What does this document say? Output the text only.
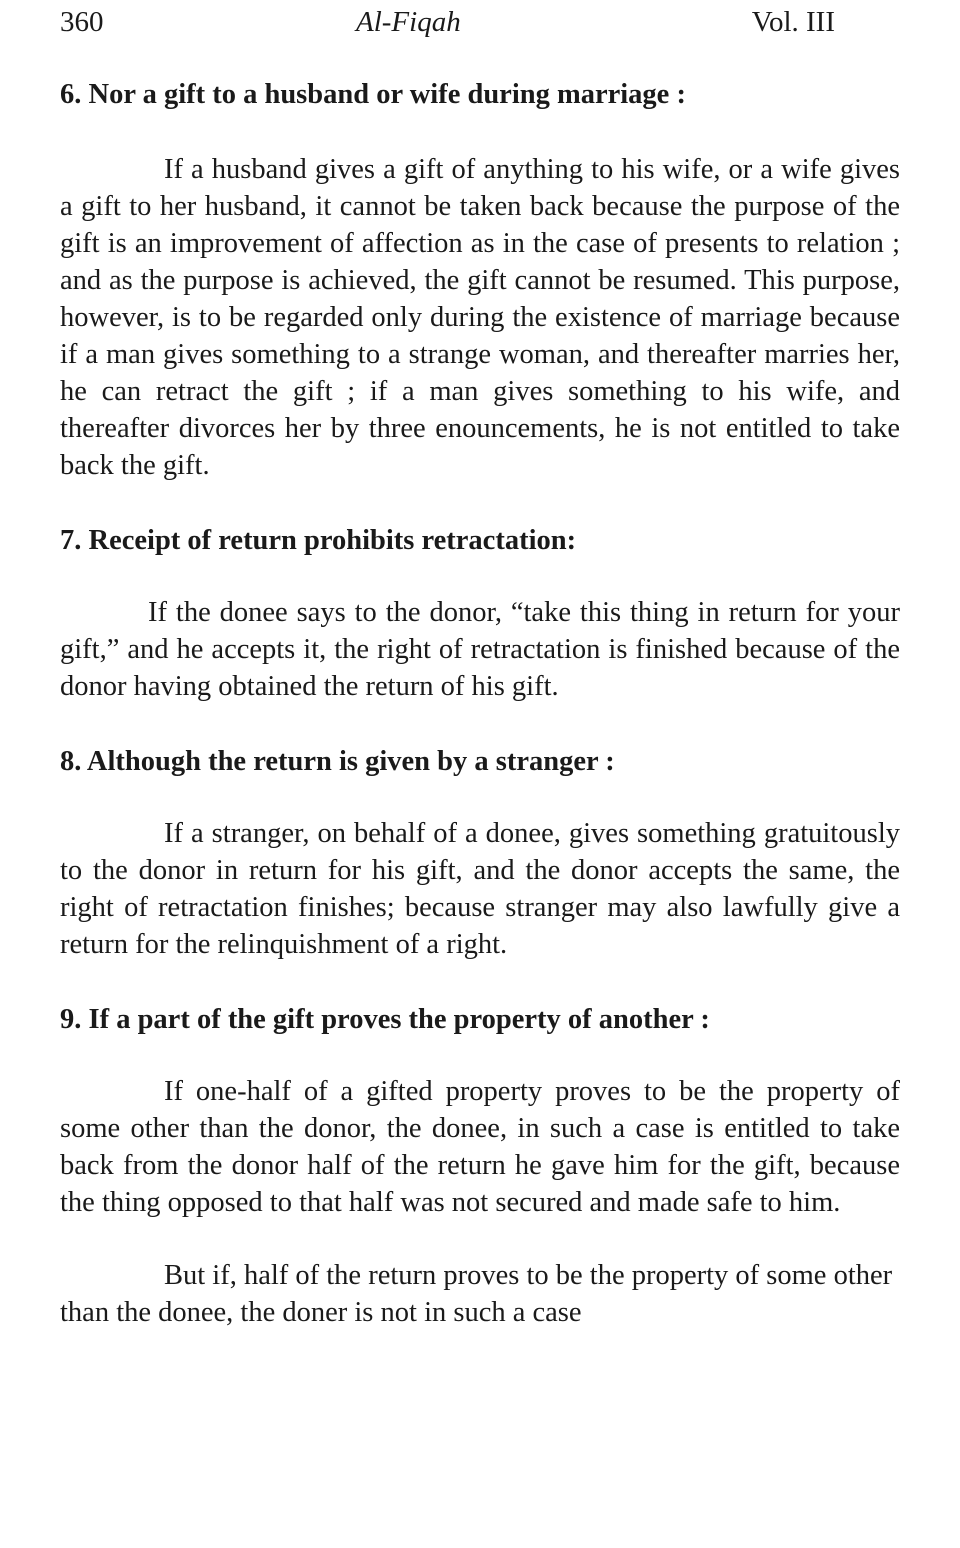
360	Al-Fiqah	Vol. III
6. Nor a gift to a husband or wife during marriage :

If a husband gives a gift of anything to his wife, or a wife gives a gift to her husband, it cannot be taken back because the purpose of the gift is an improvement of affection as in the case of presents to relation ; and as the purpose is achieved, the gift cannot be resumed. This purpose, however, is to be regarded only during the existence of marriage because if a man gives something to a strange woman, and thereafter marries her, he can retract the gift ; if a man gives something to his wife, and thereafter divorces her by three enouncements, he is not entitled to take back the gift.

7. Receipt of return prohibits retractation:

If the donee says to the donor, “take this thing in return for your gift,” and he accepts it, the right of retractation is finished because of the donor having obtained the return of his gift.

8. Although the return is given by a stranger :

If a stranger, on behalf of a donee, gives something gratuitously to the donor in return for his gift, and the donor accepts the same, the right of retractation finishes; because stranger may also lawfully give a return for the relinquishment of a right.

9. If a part of the gift proves the property of another :

If one-half of a gifted property proves to be the property of some other than the donor, the donee, in such a case is entitled to take back from the donor half of the return he gave him for the gift, because the thing opposed to that half was not secured and made safe to him.

But if, half of the return proves to be the property of some other than the donee, the doner is not in such a case
